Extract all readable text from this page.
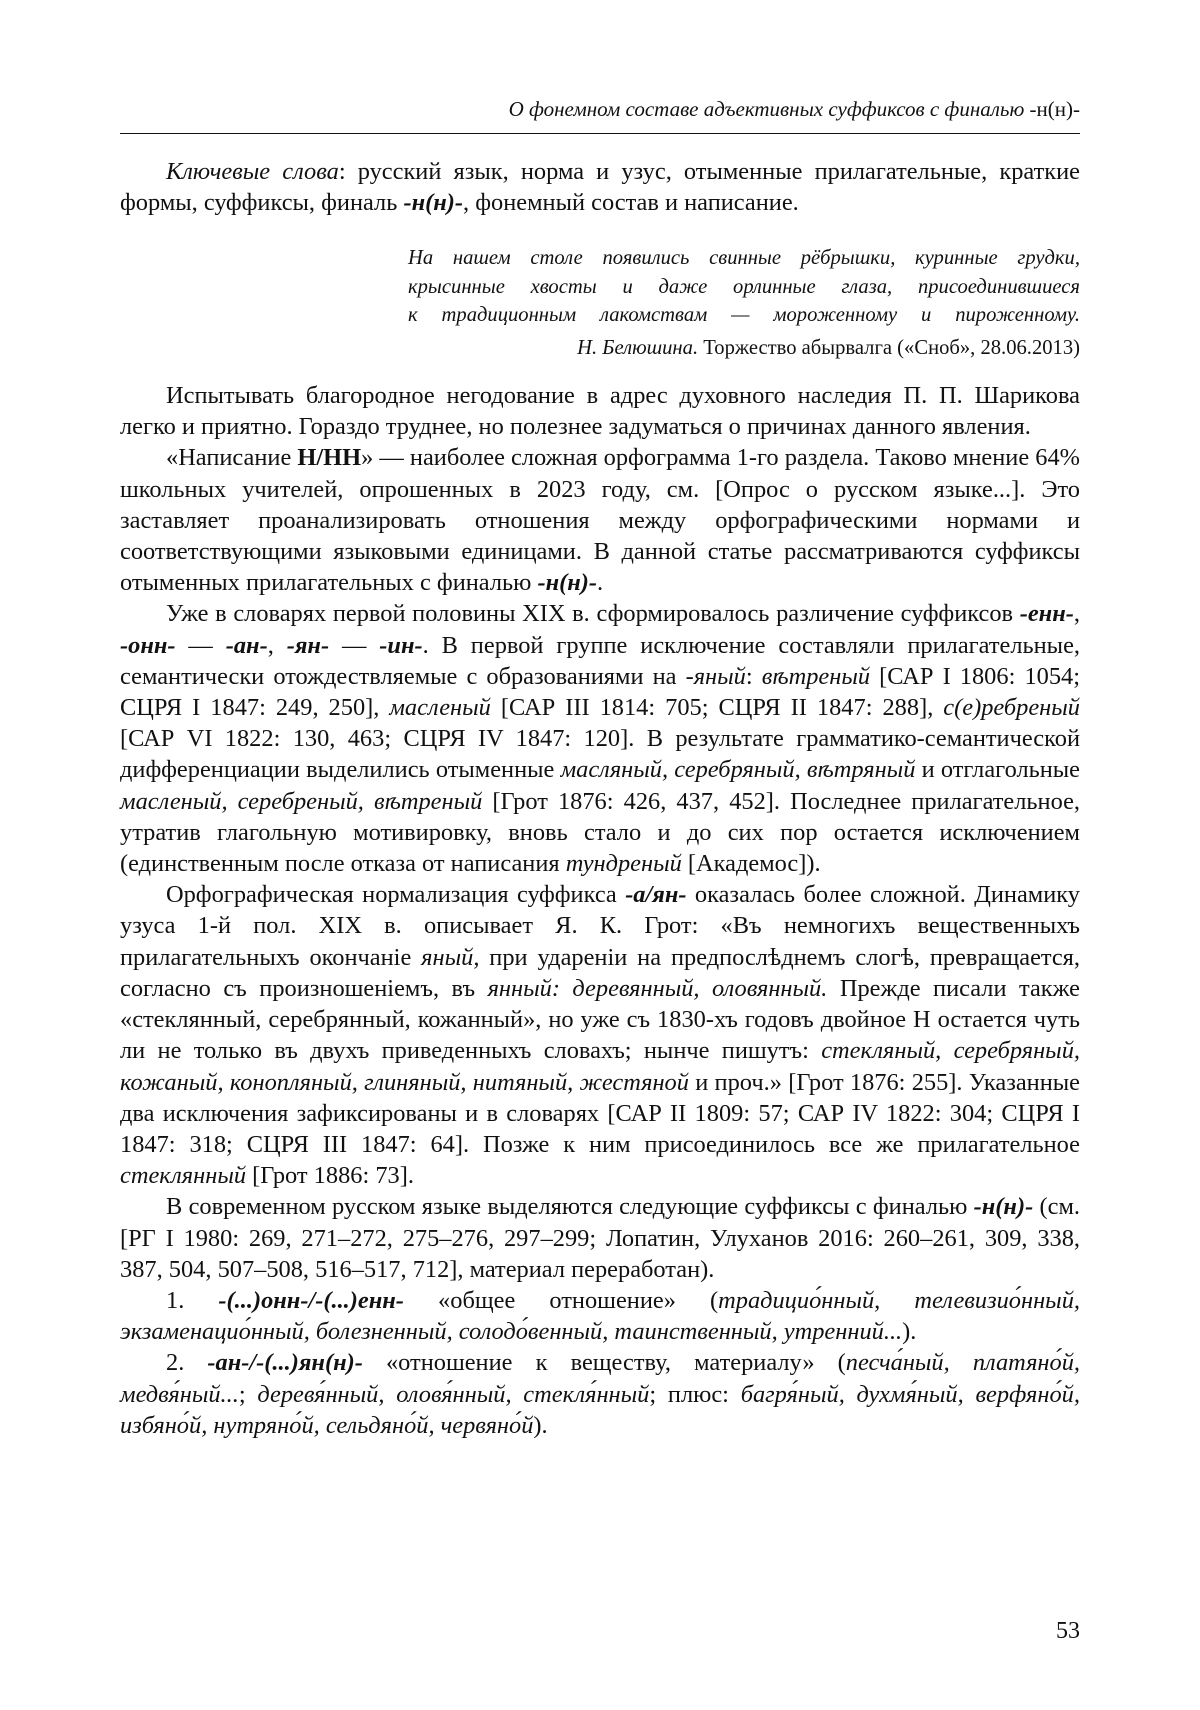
О фонемном составе адъективных суффиксов с финалью -н(н)-

Ключевые слова: русский язык, норма и узус, отыменные прилагательные, краткие формы, суффиксы, финаль -н(н)-, фонемный состав и написание.

На нашем столе появились свинные рёбрышки, куринные грудки,
крысинные хвосты и даже орлинные глаза, присоединившиеся
к традиционным лакомствам — мороженному и пироженному.
Н. Белюшина. Торжество абырвалга («Сноб», 28.06.2013)

Испытывать благородное негодование в адрес духовного наследия П. П. Шарикова легко и приятно. Гораздо труднее, но полезнее задуматься о причинах данного явления.

«Написание Н/НН» — наиболее сложная орфограмма 1-го раздела. Таково мнение 64% школьных учителей, опрошенных в 2023 году, см. [Опрос о русском языке...]. Это заставляет проанализировать отношения между орфографическими нормами и соответствующими языковыми единицами. В данной статье рассматриваются суффиксы отыменных прилагательных с финалью -н(н)-.

Уже в словарях первой половины XIX в. сформировалось различение суффиксов -енн-, -онн- — -ан-, -ян- — -ин-. В первой группе исключение составляли прилагательные, семантически отождествляемые с образованиями на -яный: вѣтреный [САР I 1806: 1054; СЦРЯ I 1847: 249, 250], масленый [САР III 1814: 705; СЦРЯ II 1847: 288], с(е)ребреный [САР VI 1822: 130, 463; СЦРЯ IV 1847: 120]. В результате грамматико-семантической дифференциации выделились отыменные масляный, серебряный, вѣтряный и отглагольные масленый, серебреный, вѣтреный [Грот 1876: 426, 437, 452]. Последнее прилагательное, утратив глагольную мотивировку, вновь стало и до сих пор остается исключением (единственным после отказа от написания тундреный [Академос]).

Орфографическая нормализация суффикса -а/ян- оказалась более сложной. Динамику узуса 1-й пол. XIX в. описывает Я. К. Грот: «Въ немногихъ вещественныхъ прилагательныхъ окончанiе яный, при ударенiи на предпослѣднемъ слогѣ, превращается, согласно съ произношенiемъ, въ янный: деревянный, оловянный. Прежде писали также «стеклянный, серебрянный, кожанный», но уже съ 1830-хъ годовъ двойное Н остается чуть ли не только въ двухъ приведенныхъ словахъ; нынче пишутъ: стекляный, серебряный, кожаный, конопляный, глиняный, нитяный, жестяной и проч.» [Грот 1876: 255]. Указанные два исключения зафиксированы и в словарях [САР II 1809: 57; САР IV 1822: 304; СЦРЯ I 1847: 318; СЦРЯ III 1847: 64]. Позже к ним присоединилось все же прилагательное стеклянный [Грот 1886: 73].

В современном русском языке выделяются следующие суффиксы с финалью -н(н)- (см. [РГ I 1980: 269, 271–272, 275–276, 297–299; Лопатин, Улуханов 2016: 260–261, 309, 338, 387, 504, 507–508, 516–517, 712], материал переработан).

1. -(...)онн-/-(...)енн- «общее отношение» (традицио́нный, телевизио́нный, экзаменацио́нный, болезненный, солодо́венный, таинственный, утренний...).

2. -ан-/-(...)ян(н)- «отношение к веществу, материалу» (песча́ный, платяно́й, медвя́ный...; деревя́нный, оловя́нный, стекля́нный; плюс: багря́ный, духмя́ный, верфяно́й, избяно́й, нутряно́й, сельдяно́й, червяно́й).

53
